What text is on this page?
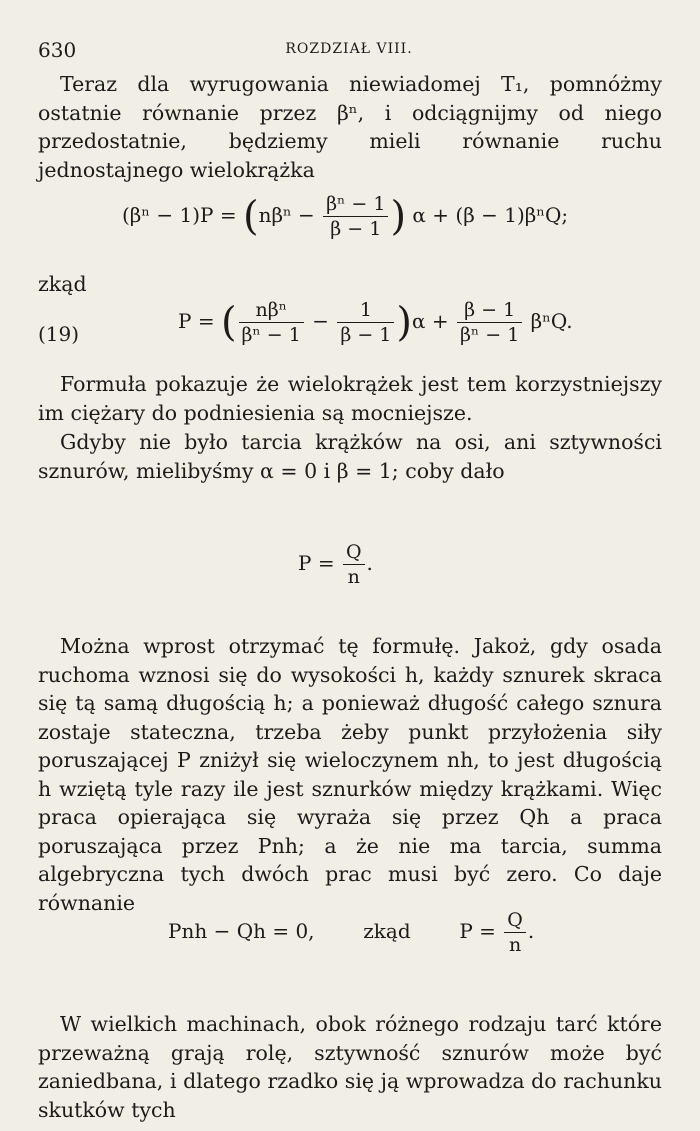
630	ROZDZIAŁ VIII.

Teraz dla wyrugowania niewiadomej T₁, pomnóżmy ostatnie równanie przez βⁿ, i odciągnijmy od niego przedostatnie, będziemy mieli równanie ruchu jednostajnego wielokrążka

$(\beta^n - 1)P = (n\beta^n - \frac{\text{βⁿ − 1}}{\beta - 1}$ ) α + (β − 1)βⁿQ;

zkąd

(19)
P = ( $\frac{\text{nβⁿ}}{\text{βⁿ − 1}} - \frac{1}{\beta - 1} )\alpha + \frac{\beta - 1}{\text{βⁿ − 1}} \beta^nQ$.

Formuła pokazuje że wielokrążek jest tem korzystniejszy im ciężary do podniesienia są mocniejsze.

Gdyby nie było tarcia krążków na osi, ani sztywności sznurów, mielibyśmy α = 0 i β = 1; coby dało

$P = \frac{Q}{n}$ .

Można wprost otrzymać tę formułę. Jakoż, gdy osada ruchoma wznosi się do wysokości h, każdy sznurek skraca się tą samą długością h; a ponieważ długość całego sznura zostaje stateczna, trzeba żeby punkt przyłożenia siły poruszającej P zniżył się wieloczynem nh, to jest długością h wziętą tyle razy ile jest sznurków między krążkami. Więc praca opierająca się wyraża się przez Qh a praca poruszająca przez Pnh; a że nie ma tarcia, summa algebryczna tych dwóch prac musi być zero. Co daje równanie

Pnh − Qh = 0, zkąd $P = \frac{Q}{n}$ .

W wielkich machinach, obok różnego rodzaju tarć które przeważną grają rolę, sztywność sznurów może być zaniedbana, i dlatego rzadko się ją wprowadza do rachunku skutków tych
